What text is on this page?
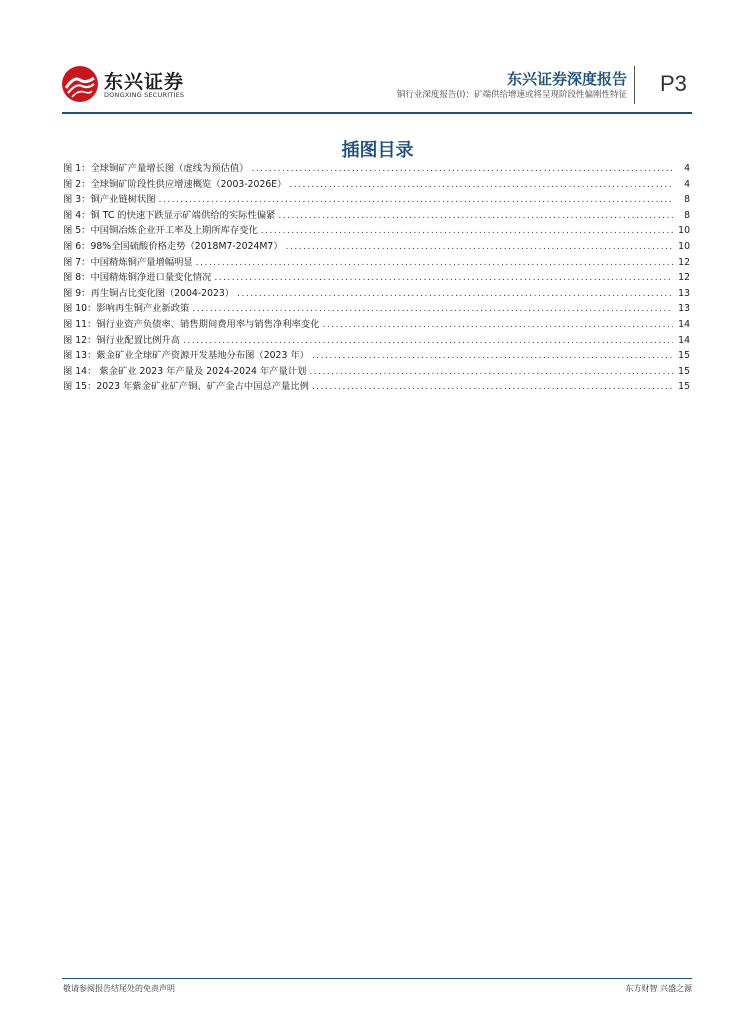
东兴证券
DONGXING SECURITIES
东兴证券深度报告
铜行业深度报告(I)：矿端供给增速或将呈现阶段性偏刚性特征 P3
插图目录
图 1：全球铜矿产量增长图（虚线为预估值） .....	4
图 2：全球铜矿阶段性供应增速概览（2003-2026E） .....	4
图 3：铜产业链树状图 .....	8
图 4：铜 TC 的快速下跌显示矿端供给的实际性偏紧 .....	8
图 5：中国铜冶炼企业开工率及上期所库存变化 .....	10
图 6：98%全国硫酸价格走势（2018M7-2024M7） .....	10
图 7：中国精炼铜产量增幅明显 .....	12
图 8：中国精炼铜净进口量变化情况 .....	12
图 9：再生铜占比变化图（2004-2023） .....	13
图 10：影响再生铜产业新政策 .....	13
图 11：铜行业资产负债率、销售期间费用率与销售净利率变化 .....	14
图 12：铜行业配置比例升高 .....	14
图 13：紫金矿业全球矿产资源开发基地分布图（2023 年） .....	15
图 14： 紫金矿业 2023 年产量及 2024-2024 年产量计划 .....	15
图 15：2023 年紫金矿业矿产铜、矿产金占中国总产量比例 .....	15
敬请参阅报告结尾处的免责声明	东方财智 兴盛之源
